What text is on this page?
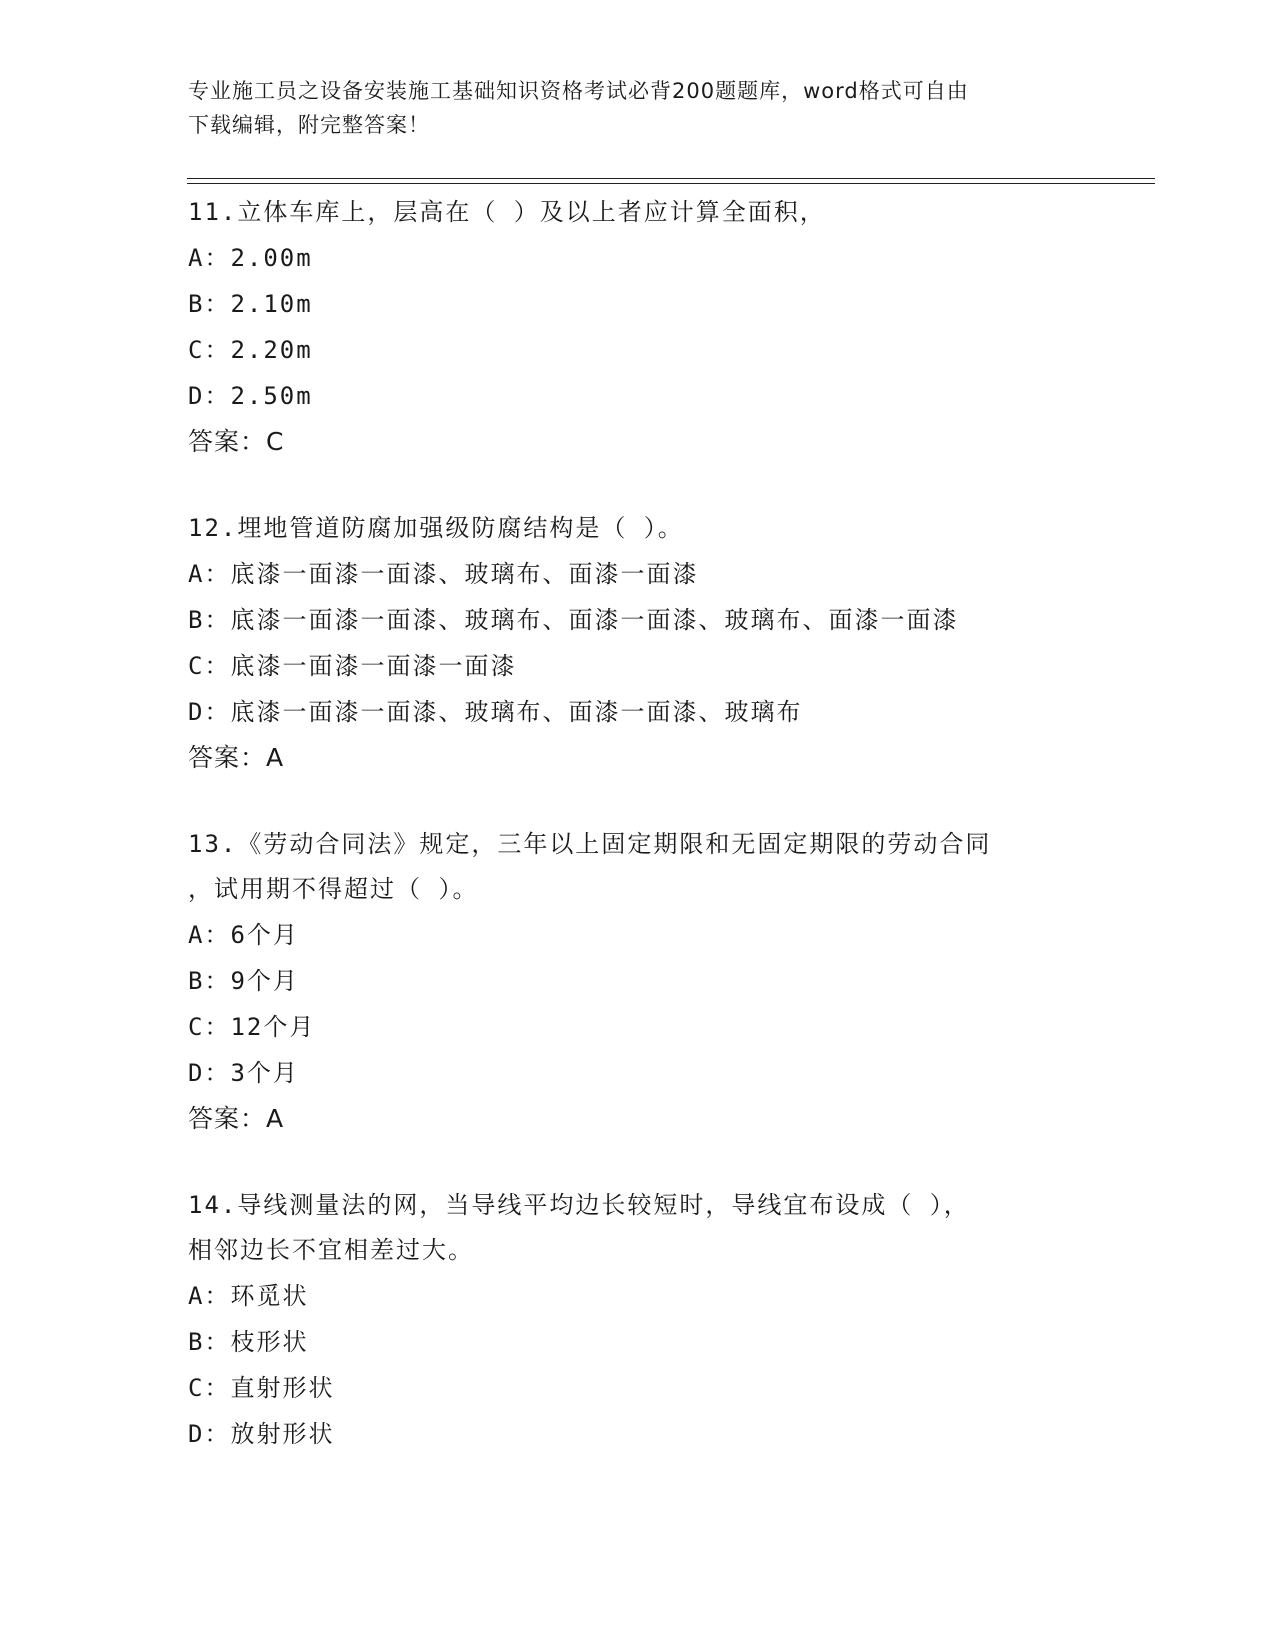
专业施工员之设备安装施工基础知识资格考试必背200题题库，word格式可自由
下载编辑，附完整答案！
11.立体车库上，层高在（ ）及以上者应计算全面积，
A：2.00m
B：2.10m
C：2.20m
D：2.50m
答案：C
12.埋地管道防腐加强级防腐结构是（ ）。
A：底漆一面漆一面漆、玻璃布、面漆一面漆
B：底漆一面漆一面漆、玻璃布、面漆一面漆、玻璃布、面漆一面漆
C：底漆一面漆一面漆一面漆
D：底漆一面漆一面漆、玻璃布、面漆一面漆、玻璃布
答案：A
13.《劳动合同法》规定，三年以上固定期限和无固定期限的劳动合同
，试用期不得超过（ ）。
A：6个月
B：9个月
C：12个月
D：3个月
答案：A
14.导线测量法的网，当导线平均边长较短时，导线宜布设成（ ），
相邻边长不宜相差过大。
A：环觅状
B：枝形状
C：直射形状
D：放射形状
